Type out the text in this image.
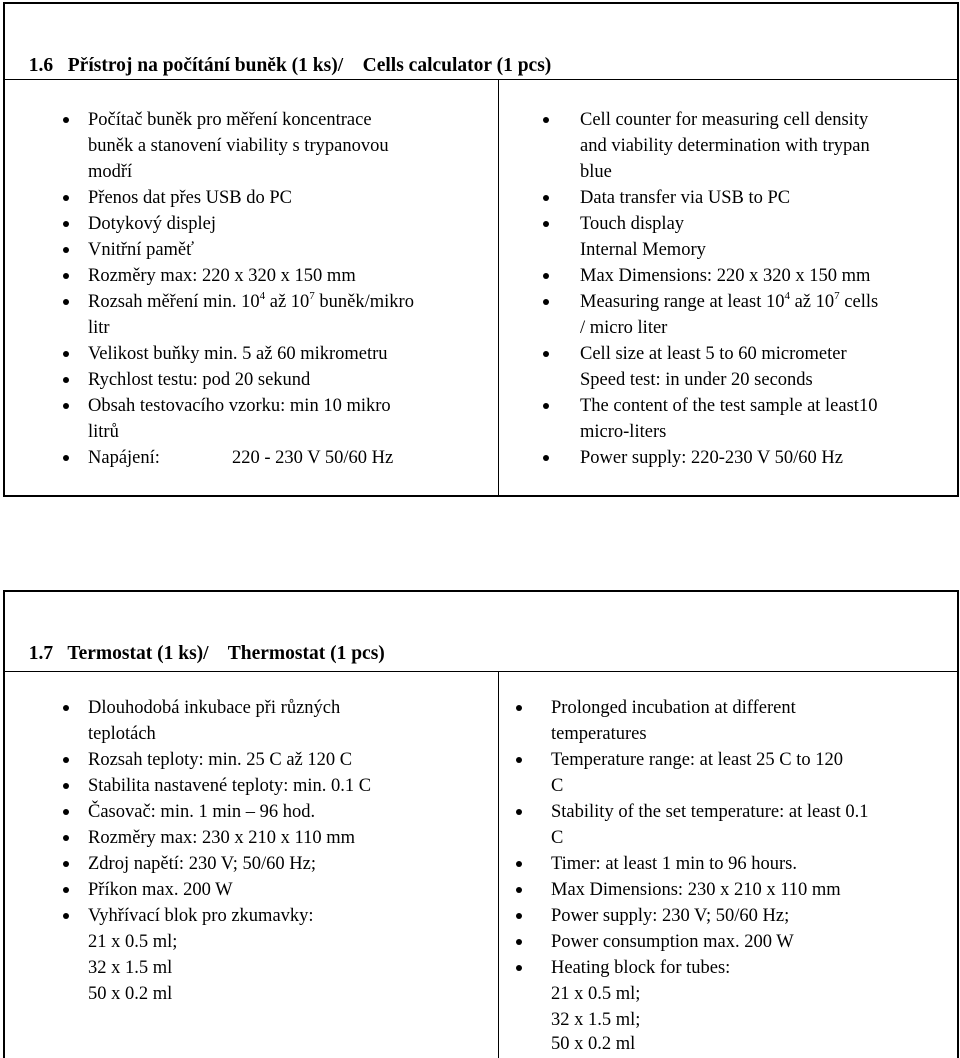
1.6   Přístroj na počítání buněk (1 ks)/    Cells calculator (1 pcs)

Počítač buněk pro měření koncentrace
buněk a stanovení viability s trypanovou
modří
Přenos dat přes USB do PC
Dotykový displej
Vnitřní paměť
Rozměry max: 220 x 320 x 150 mm
Rozsah měření min. $10^4$ až $10^7$ buněk/mikro
litr
Velikost buňky min. 5 až 60 mikrometru
Rychlost testu: pod 20 sekund
Obsah testovacího vzorku: min 10 mikro
litrů
Napájení:	220 - 230 V 50/60 Hz
Cell counter for measuring cell density
and viability determination with trypan
blue
Data transfer via USB to PC
Touch display
Internal Memory
Max Dimensions: 220 x 320 x 150 mm
Measuring range at least $10^4$ až $10^7$ cells
/ micro liter
Cell size at least 5 to 60 micrometer
Speed test: in under 20 seconds
The content of the test sample at least10
micro-liters
Power supply: 220-230 V 50/60 Hz

1.7   Termostat (1 ks)/    Thermostat (1 pcs)

Dlouhodobá inkubace při různých
teplotách
Rozsah teploty: min. 25 C až 120 C
Stabilita nastavené teploty: min. 0.1 C
Časovač: min. 1 min – 96 hod.
Rozměry max: 230 x 210 x 110 mm
Zdroj napětí: 230 V; 50/60 Hz;
Příkon max. 200 W
Vyhřívací blok pro zkumavky:
21 x 0.5 ml;
32 x 1.5 ml
50 x 0.2 ml
Prolonged incubation at different
temperatures
Temperature range: at least 25 C to 120
C
Stability of the set temperature: at least 0.1
C
Timer: at least 1 min to 96 hours.
Max Dimensions: 230 x 210 x 110 mm
Power supply: 230 V; 50/60 Hz;
Power consumption max. 200 W
Heating block for tubes:
21 x 0.5 ml;
32 x 1.5 ml;
50 x 0.2 ml
